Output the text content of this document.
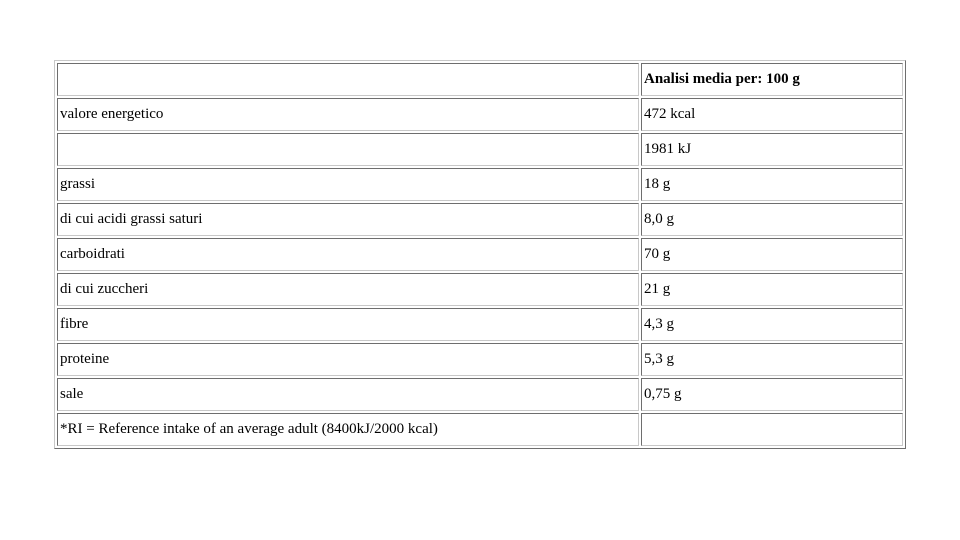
	Analisi media per: 100 g
valore energetico	472 kcal
	1981 kJ
grassi	18 g
di cui acidi grassi saturi	8,0 g
carboidrati	70 g
di cui zuccheri	21 g
fibre	4,3 g
proteine	5,3 g
sale	0,75 g
*RI = Reference intake of an average adult (8400kJ/2000 kcal)	
